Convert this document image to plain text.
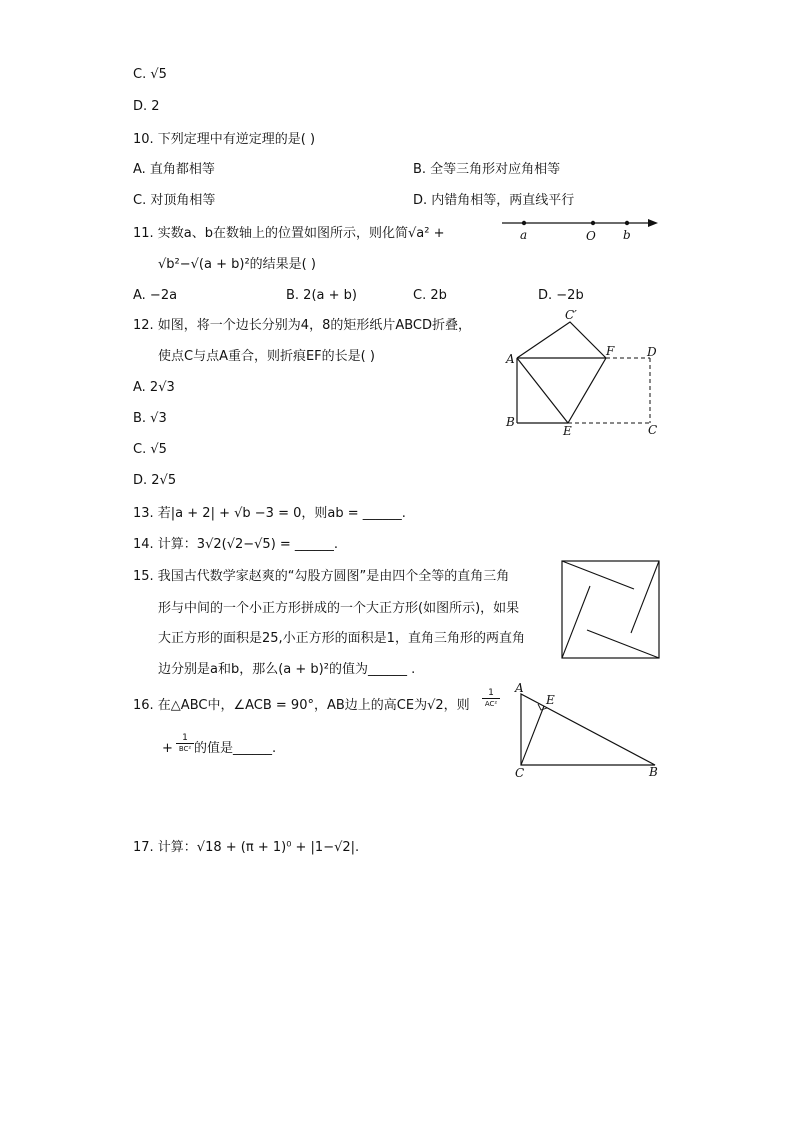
C. √5
D. 2
10. 下列定理中有逆定理的是( )
A. 直角都相等	B. 全等三角形对应角相等
C. 对顶角相等	D. 内错角相等，两直线平行
11. 实数a、b在数轴上的位置如图所示，则化简√a² +
√b²−√(a + b)²的结果是( )
A. −2a	B. 2(a + b)	C. 2b	D. −2b
a	O b
12. 如图，将一个边长分别为4，8的矩形纸片ABCD折叠，
使点C与点A重合，则折痕EF的长是( )
A. 2√3
B. √3
C. √5
D. 2√5
C′
A
F	D
B
E	C
13. 若|a + 2| + √b −3 = 0，则ab = ______.
14. 计算：3√2(√2−√5) = ______.
15. 我国古代数学家赵爽的“勾股方圆图”是由四个全等的直角三角
形与中间的一个小正方形拼成的一个大正方形(如图所示)，如果
大正方形的面积是25,小正方形的面积是1，直角三角形的两直角
边分别是a和b，那么(a + b)²的值为______ .
16. 在△ABC中，∠ACB = 90°，AB边上的高CE为√2，则
1
AC²
+
1
BC² 的值是______.
A
E
C	B
17. 计算：√18 + (π + 1)⁰ + |1−√2|.
